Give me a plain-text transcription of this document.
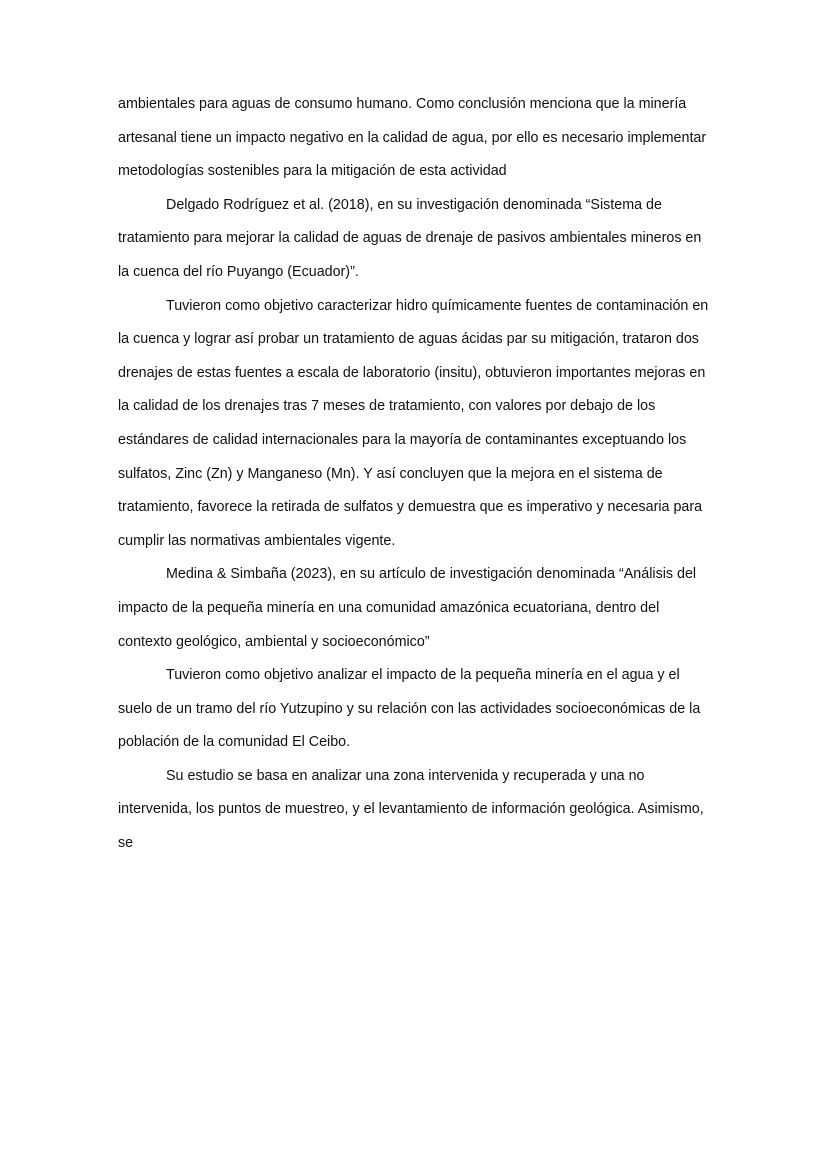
ambientales para aguas de consumo humano. Como conclusión menciona que la minería artesanal tiene un impacto negativo en la calidad de agua, por ello es necesario implementar metodologías sostenibles para la mitigación de esta actividad

Delgado Rodríguez et al. (2018), en su investigación denominada “Sistema de tratamiento para mejorar la calidad de aguas de drenaje de pasivos ambientales mineros en la cuenca del río Puyango (Ecuador)”.

Tuvieron como objetivo caracterizar hidro químicamente fuentes de contaminación en la cuenca y lograr así probar un tratamiento de aguas ácidas par su mitigación, trataron dos drenajes de estas fuentes a escala de laboratorio (insitu), obtuvieron importantes mejoras en la calidad de los drenajes tras 7 meses de tratamiento, con valores por debajo de los estándares de calidad internacionales para la mayoría de contaminantes exceptuando los sulfatos, Zinc (Zn) y Manganeso (Mn). Y así concluyen que la mejora en el sistema de tratamiento, favorece la retirada de sulfatos y demuestra que es imperativo y necesaria para cumplir las normativas ambientales vigente.

Medina & Simbaña (2023), en su artículo de investigación denominada “Análisis del impacto de la pequeña minería en una comunidad amazónica ecuatoriana, dentro del contexto geológico, ambiental y socioeconómico”

Tuvieron como objetivo analizar el impacto de la pequeña minería en el agua y el suelo de un tramo del río Yutzupino y su relación con las actividades socioeconómicas de la población de la comunidad El Ceibo.

Su estudio se basa en analizar una zona intervenida y recuperada y una no intervenida, los puntos de muestreo, y el levantamiento de información geológica. Asimismo, se
